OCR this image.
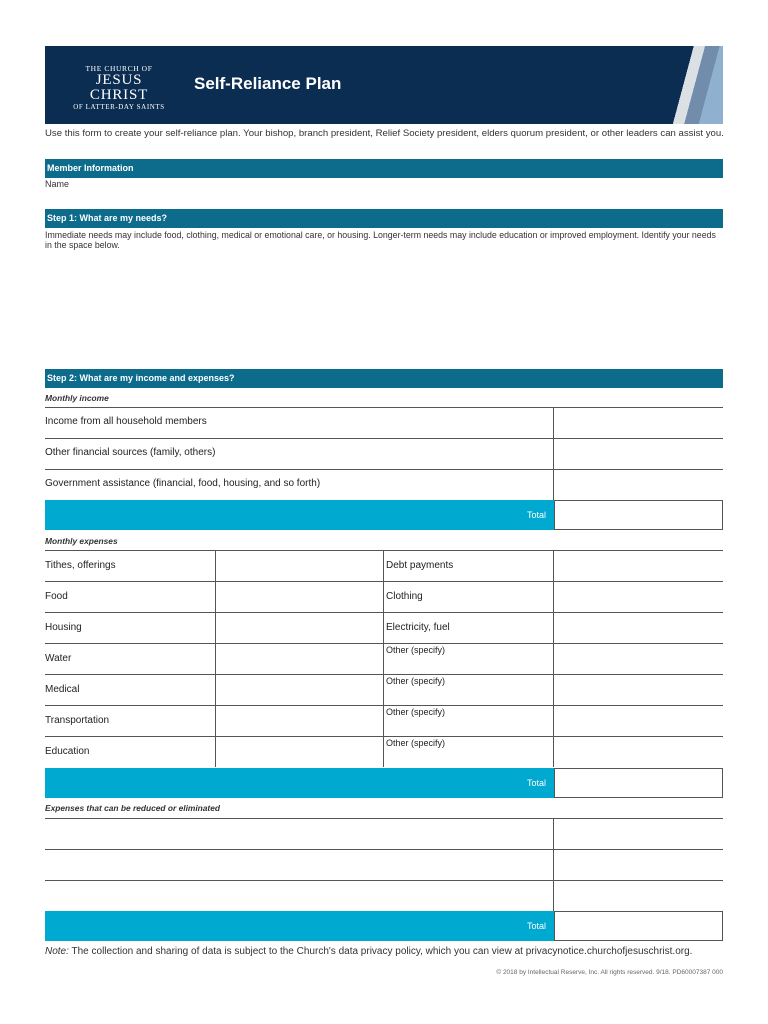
THE CHURCH OF
JESUS CHRIST
OF LATTER-DAY SAINTS
Self-Reliance Plan
Use this form to create your self-reliance plan. Your bishop, branch president, Relief Society president, elders quorum president, or other leaders can assist you.
Member Information
Name
Step 1: What are my needs?
Immediate needs may include food, clothing, medical or emotional care, or housing. Longer-term needs may include education or improved employment. Identify your needs in the space below.
Step 2: What are my income and expenses?
Monthly income
Income from all household members
Other financial sources (family, others)
Government assistance (financial, food, housing, and so forth)
Total
Monthly expenses
Tithes, offerings
Food
Housing
Water
Medical
Transportation
Education
Debt payments
Clothing
Electricity, fuel
Other (specify)
Other (specify)
Other (specify)
Other (specify)
Total
Expenses that can be reduced or eliminated
Total
Note: The collection and sharing of data is subject to the Church's data privacy policy, which you can view at privacynotice.churchofjesuschrist.org.
© 2018 by Intellectual Reserve, Inc. All rights reserved. 9/18. PD60007387 000
